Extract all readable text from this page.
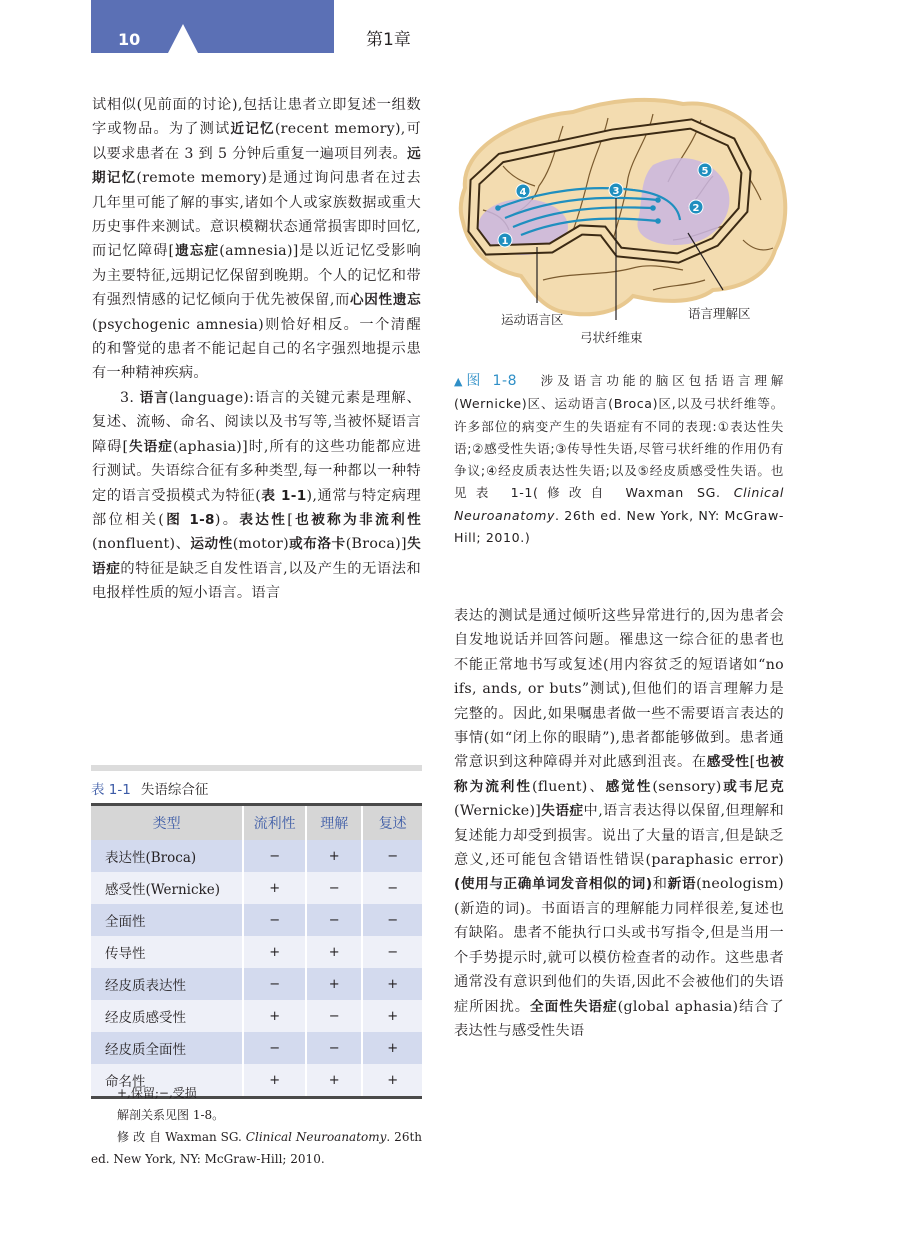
10	第1章

试相似(见前面的讨论),包括让患者立即复述一组数字或物品。为了测试近记忆(recent memory),可以要求患者在 3 到 5 分钟后重复一遍项目列表。远期记忆(remote memory)是通过询问患者在过去几年里可能了解的事实,诸如个人或家族数据或重大历史事件来测试。意识模糊状态通常损害即时回忆,而记忆障碍[遗忘症(amnesia)]是以近记忆受影响为主要特征,远期记忆保留到晚期。个人的记忆和带有强烈情感的记忆倾向于优先被保留,而心因性遗忘(psychogenic amnesia)则恰好相反。一个清醒的和警觉的患者不能记起自己的名字强烈地提示患有一种精神疾病。

3. 语言(language):语言的关键元素是理解、复述、流畅、命名、阅读以及书写等,当被怀疑语言障碍[失语症(aphasia)]时,所有的这些功能都应进行测试。失语综合征有多种类型,每一种都以一种特定的语言受损模式为特征(表 1-1),通常与特定病理部位相关(图 1-8)。表达性[也被称为非流利性(nonfluent)、运动性(motor)或布洛卡(Broca)]失语症的特征是缺乏自发性语言,以及产生的无语法和电报样性质的短小语言。语言

1
2
3
4
5
运动语言区
弓状纤维束
语言理解区
▲图 1-8 涉及语言功能的脑区包括语言理解(Wernicke)区、运动语言(Broca)区,以及弓状纤维等。许多部位的病变产生的失语症有不同的表现:①表达性失语;②感受性失语;③传导性失语,尽管弓状纤维的作用仍有争议;④经皮质表达性失语;以及⑤经皮质感受性失语。也见表 1-1(修改自 Waxman SG. Clinical Neuroanatomy. 26th ed. New York, NY: McGraw-Hill; 2010.)
表 1-1 失语综合征
类型	流利性	理解	复述
表达性(Broca)	−	+	−
感受性(Wernicke)	+	−	−
全面性	−	−	−
传导性	+	+	−
经皮质表达性	−	+	+
经皮质感受性	+	−	+
经皮质全面性	−	−	+
命名性	+	+	+

+,保留;−,受损

解剖关系见图 1-8。

修 改 自 Waxman SG. Clinical Neuroanatomy. 26th ed. New York, NY: McGraw-Hill; 2010.

表达的测试是通过倾听这些异常进行的,因为患者会自发地说话并回答问题。罹患这一综合征的患者也不能正常地书写或复述(用内容贫乏的短语诸如“no ifs, ands, or buts”测试),但他们的语言理解力是完整的。因此,如果嘱患者做一些不需要语言表达的事情(如“闭上你的眼睛”),患者都能够做到。患者通常意识到这种障碍并对此感到沮丧。在感受性[也被称为流利性(fluent)、感觉性(sensory)或韦尼克(Wernicke)]失语症中,语言表达得以保留,但理解和复述能力却受到损害。说出了大量的语言,但是缺乏意义,还可能包含错语性错误(paraphasic error)(使用与正确单词发音相似的词)和新语(neologism)(新造的词)。书面语言的理解能力同样很差,复述也有缺陷。患者不能执行口头或书写指令,但是当用一个手势提示时,就可以模仿检查者的动作。这些患者通常没有意识到他们的失语,因此不会被他们的失语症所困扰。全面性失语症(global aphasia)结合了表达性与感受性失语
